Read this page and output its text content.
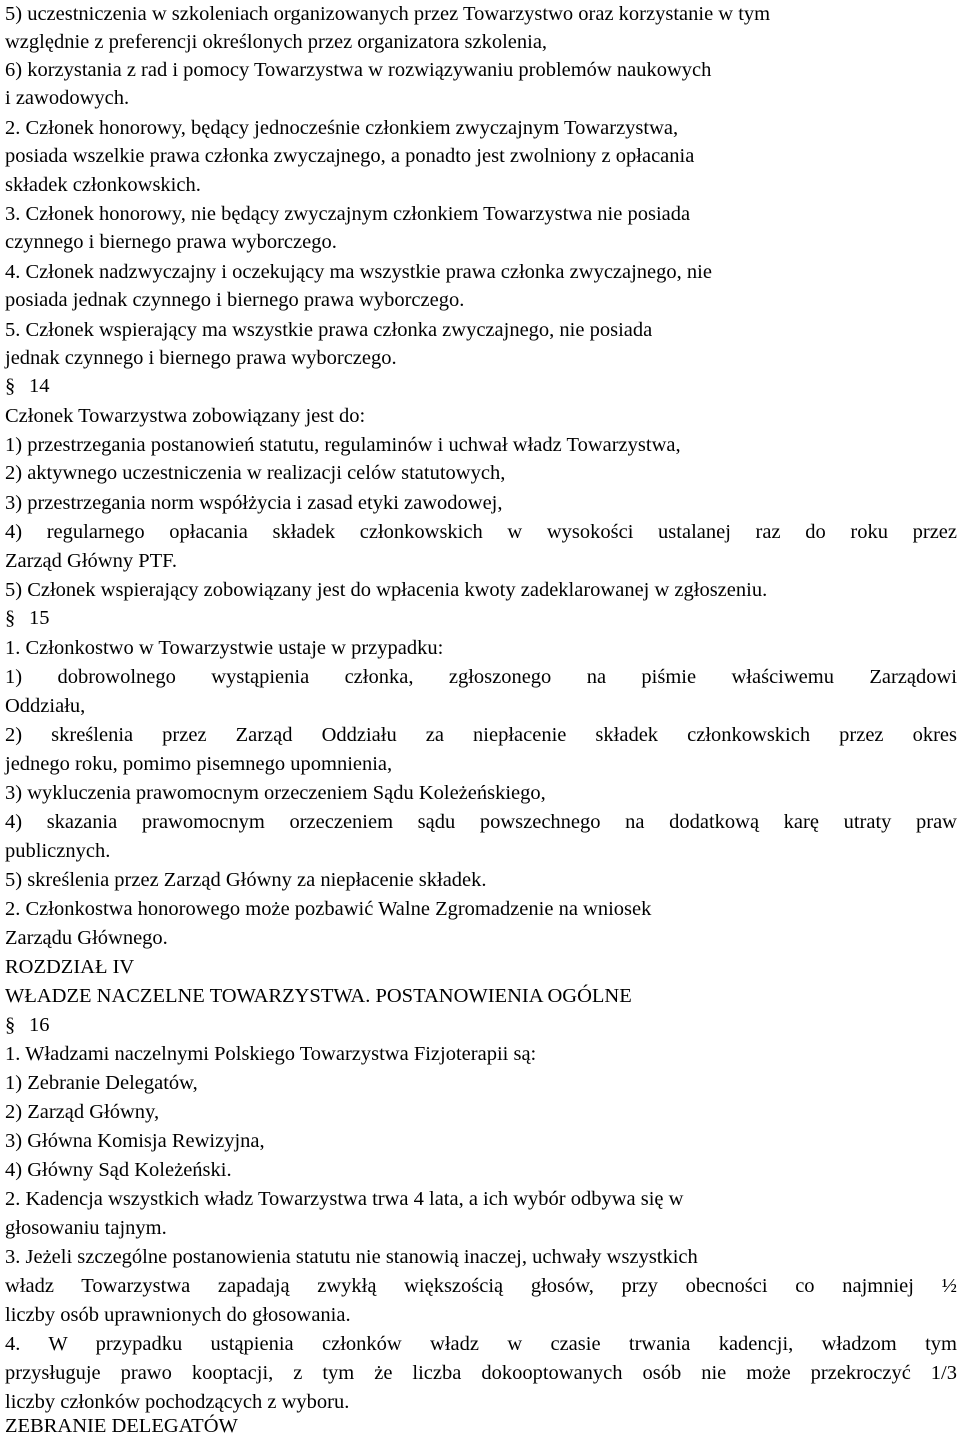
5) uczestniczenia w szkoleniach organizowanych przez Towarzystwo oraz korzystanie w tym
względnie z preferencji określonych przez organizatora szkolenia,
6) korzystania z rad i pomocy Towarzystwa w rozwiązywaniu problemów naukowych
i zawodowych.
2. Członek honorowy, będący jednocześnie członkiem zwyczajnym Towarzystwa,
posiada wszelkie prawa członka zwyczajnego, a ponadto jest zwolniony z opłacania
składek członkowskich.
3. Członek honorowy, nie będący zwyczajnym członkiem Towarzystwa nie posiada
czynnego i biernego prawa wyborczego.
4. Członek nadzwyczajny i oczekujący ma wszystkie prawa członka zwyczajnego, nie
posiada jednak czynnego i biernego prawa wyborczego.
5. Członek wspierający ma wszystkie prawa członka zwyczajnego, nie posiada
jednak czynnego i biernego prawa wyborczego.
§ 14
Członek Towarzystwa zobowiązany jest do:
1) przestrzegania postanowień statutu, regulaminów i uchwał władz Towarzystwa,
2) aktywnego uczestniczenia w realizacji celów statutowych,
3) przestrzegania norm współżycia i zasad etyki zawodowej,
4) regularnego opłacania składek członkowskich w wysokości ustalanej raz do roku przez
Zarząd Główny PTF.
5) Członek wspierający zobowiązany jest do wpłacenia kwoty zadeklarowanej w zgłoszeniu.
§ 15
1. Członkostwo w Towarzystwie ustaje w przypadku:
1) dobrowolnego wystąpienia członka, zgłoszonego na piśmie właściwemu Zarządowi
Oddziału,
2) skreślenia przez Zarząd Oddziału za niepłacenie składek członkowskich przez okres
jednego roku, pomimo pisemnego upomnienia,
3) wykluczenia prawomocnym orzeczeniem Sądu Koleżeńskiego,
4) skazania prawomocnym orzeczeniem sądu powszechnego na dodatkową karę utraty praw
publicznych.
5) skreślenia przez Zarząd Główny za niepłacenie składek.
2. Członkostwa honorowego może pozbawić Walne Zgromadzenie na wniosek
Zarządu Głównego.
ROZDZIAŁ IV
WŁADZE NACZELNE TOWARZYSTWA. POSTANOWIENIA OGÓLNE
§ 16
1. Władzami naczelnymi Polskiego Towarzystwa Fizjoterapii są:
1) Zebranie Delegatów,
2) Zarząd Główny,
3) Główna Komisja Rewizyjna,
4) Główny Sąd Koleżeński.
2. Kadencja wszystkich władz Towarzystwa trwa 4 lata, a ich wybór odbywa się w
głosowaniu tajnym.
3. Jeżeli szczególne postanowienia statutu nie stanowią inaczej, uchwały wszystkich
władz Towarzystwa zapadają zwykłą większością głosów, przy obecności co najmniej ½
liczby osób uprawnionych do głosowania.
4. W przypadku ustąpienia członków władz w czasie trwania kadencji, władzom tym
przysługuje prawo kooptacji, z tym że liczba dokooptowanych osób nie może przekroczyć 1/3
liczby członków pochodzących z wyboru.
ZEBRANIE DELEGATÓW
